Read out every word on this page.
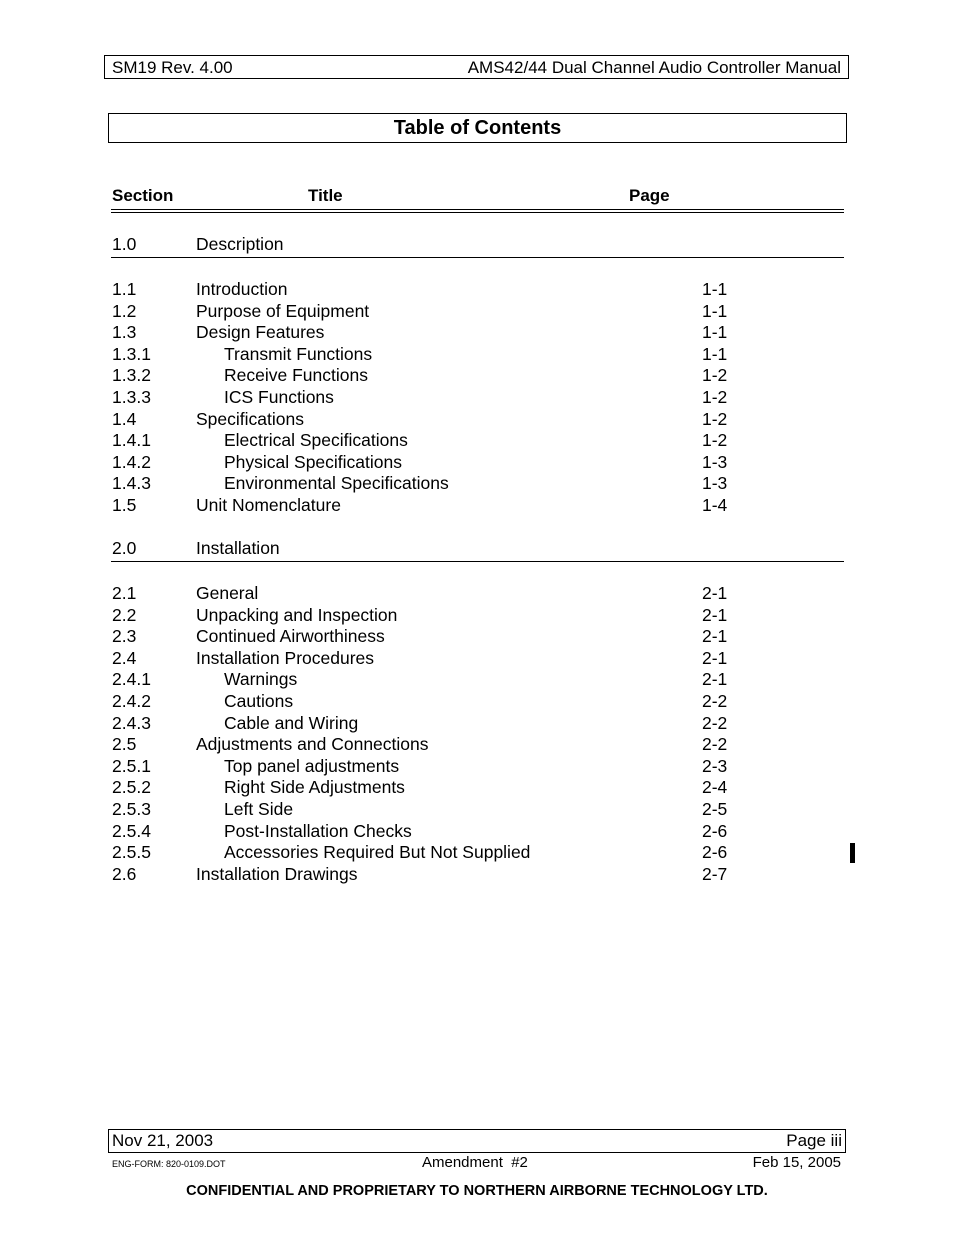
SM19 Rev. 4.00	AMS42/44 Dual Channel Audio Controller Manual
Table of Contents
Section	Title	Page
1.0	Description
1.1	Introduction	1-1
1.2	Purpose of Equipment	1-1
1.3	Design Features	1-1
1.3.1	Transmit Functions	1-1
1.3.2	Receive Functions	1-2
1.3.3	ICS Functions	1-2
1.4	Specifications	1-2
1.4.1	Electrical Specifications	1-2
1.4.2	Physical Specifications	1-3
1.4.3	Environmental Specifications	1-3
1.5	Unit Nomenclature	1-4
2.0	Installation
2.1	General	2-1
2.2	Unpacking and Inspection	2-1
2.3	Continued Airworthiness	2-1
2.4	Installation Procedures	2-1
2.4.1	Warnings	2-1
2.4.2	Cautions	2-2
2.4.3	Cable and Wiring	2-2
2.5	Adjustments and Connections	2-2
2.5.1	Top panel adjustments	2-3
2.5.2	Right Side Adjustments	2-4
2.5.3	Left Side	2-5
2.5.4	Post-Installation Checks	2-6
2.5.5	Accessories Required But Not Supplied	2-6
2.6	Installation Drawings	2-7
Nov 21, 2003	Page iii
ENG-FORM: 820-0109.DOT	Amendment  #2	Feb 15, 2005
CONFIDENTIAL AND PROPRIETARY TO NORTHERN AIRBORNE TECHNOLOGY LTD.
